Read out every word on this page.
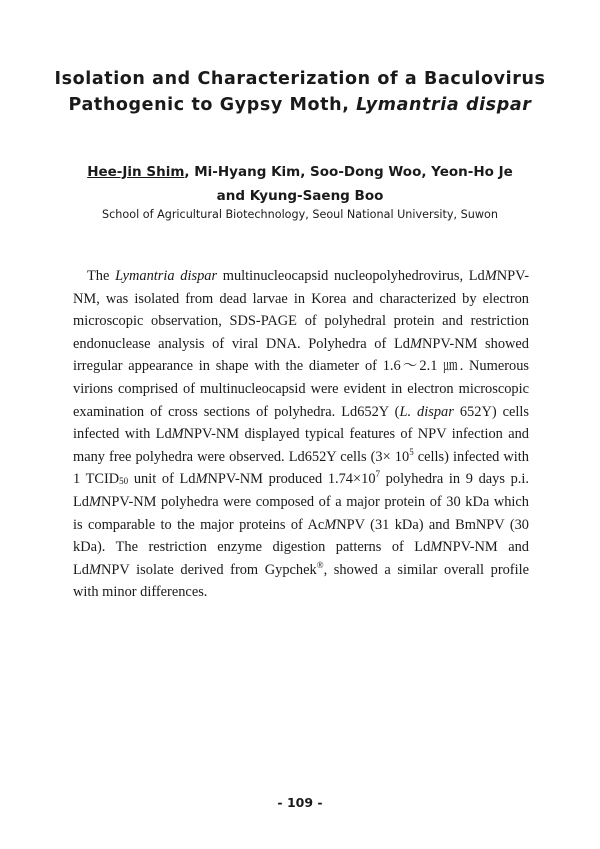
Isolation and Characterization of a Baculovirus
Pathogenic to Gypsy Moth, Lymantria dispar

Hee-Jin Shim, Mi-Hyang Kim, Soo-Dong Woo, Yeon-Ho Je
and Kyung-Saeng Boo

School of Agricultural Biotechnology, Seoul National University, Suwon

The Lymantria dispar multinucleocapsid nucleopolyhedrovirus, LdMNPV-NM, was isolated from dead larvae in Korea and characterized by electron microscopic observation, SDS-PAGE of polyhedral protein and restriction endonuclease analysis of viral DNA. Polyhedra of LdMNPV-NM showed irregular appearance in shape with the diameter of 1.6～2.1 ㎛. Numerous virions comprised of multinucleocapsid were evident in electron microscopic examination of cross sections of polyhedra. Ld652Y (L. dispar 652Y) cells infected with LdMNPV-NM displayed typical features of NPV infection and many free polyhedra were observed. Ld652Y cells ($3\times 10^5$ cells) infected with 1 $TCID_{50}$ unit of LdMNPV-NM produced $1.74\times 10^7$ polyhedra in 9 days p.i. LdMNPV-NM polyhedra were composed of a major protein of 30 kDa which is comparable to the major proteins of AcMNPV (31 kDa) and BmNPV (30 kDa). The restriction enzyme digestion patterns of LdMNPV-NM and LdMNPV isolate derived from Gypchek®, showed a similar overall profile with minor differences.

- 109 -
